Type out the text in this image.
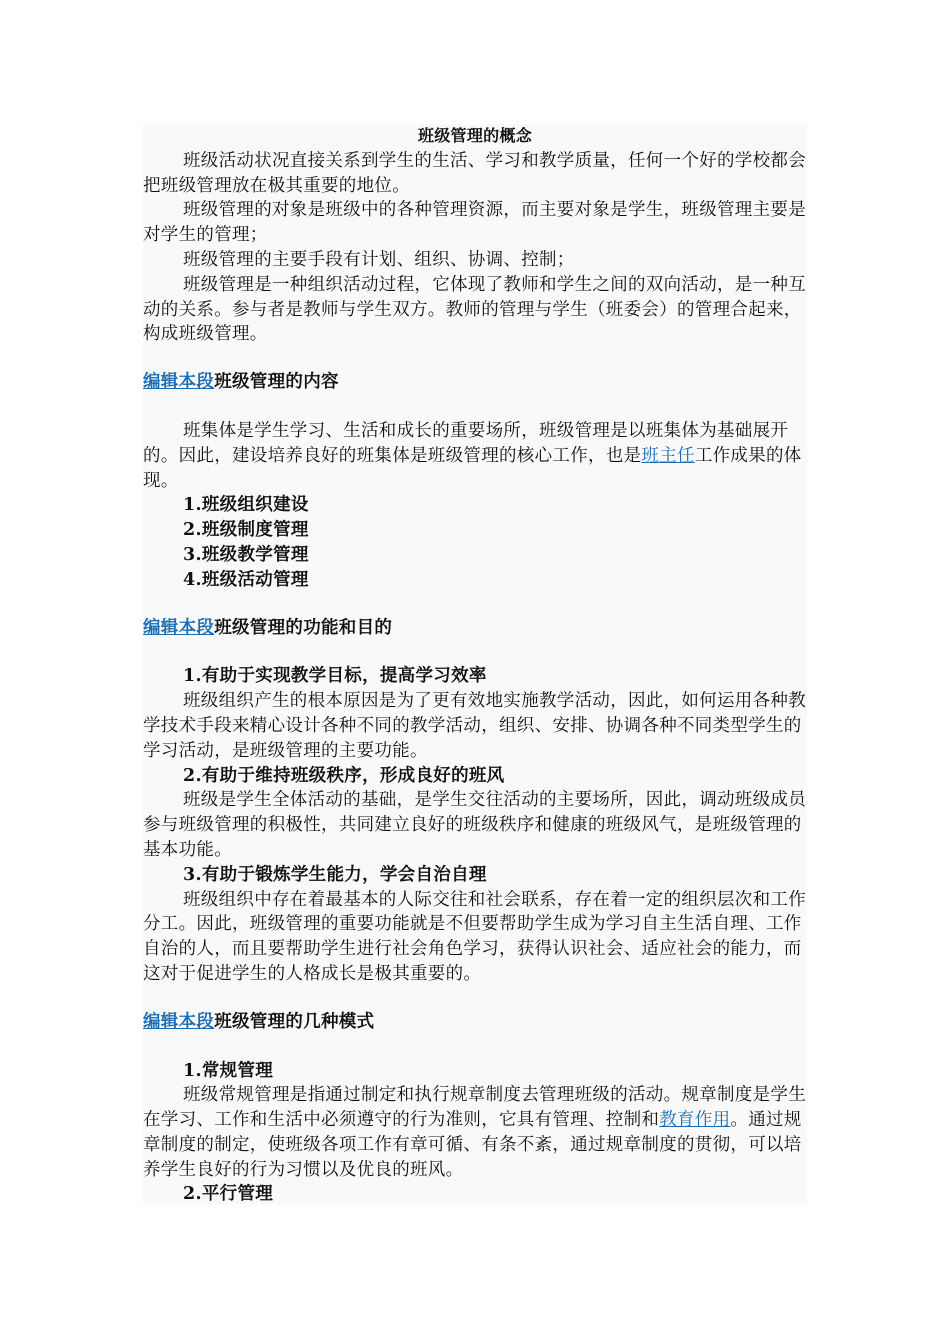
班级管理的概念

班级活动状况直接关系到学生的生活、学习和教学质量，任何一个好的学校都会把班级管理放在极其重要的地位。

班级管理的对象是班级中的各种管理资源，而主要对象是学生，班级管理主要是对学生的管理；

班级管理的主要手段有计划、组织、协调、控制；

班级管理是一种组织活动过程，它体现了教师和学生之间的双向活动，是一种互动的关系。参与者是教师与学生双方。教师的管理与学生（班委会）的管理合起来，构成班级管理。

编辑本段班级管理的内容

班集体是学生学习、生活和成长的重要场所，班级管理是以班集体为基础展开的。因此，建设培养良好的班集体是班级管理的核心工作，也是班主任工作成果的体现。

1.班级组织建设

2.班级制度管理

3.班级教学管理

4.班级活动管理

编辑本段班级管理的功能和目的

1.有助于实现教学目标，提高学习效率

班级组织产生的根本原因是为了更有效地实施教学活动，因此，如何运用各种教学技术手段来精心设计各种不同的教学活动，组织、安排、协调各种不同类型学生的学习活动，是班级管理的主要功能。

2.有助于维持班级秩序，形成良好的班风

班级是学生全体活动的基础，是学生交往活动的主要场所，因此，调动班级成员参与班级管理的积极性，共同建立良好的班级秩序和健康的班级风气，是班级管理的基本功能。

3.有助于锻炼学生能力，学会自治自理

班级组织中存在着最基本的人际交往和社会联系，存在着一定的组织层次和工作分工。因此，班级管理的重要功能就是不但要帮助学生成为学习自主生活自理、工作自治的人，而且要帮助学生进行社会角色学习，获得认识社会、适应社会的能力，而这对于促进学生的人格成长是极其重要的。

编辑本段班级管理的几种模式

1.常规管理

班级常规管理是指通过制定和执行规章制度去管理班级的活动。规章制度是学生在学习、工作和生活中必须遵守的行为准则，它具有管理、控制和教育作用。通过规章制度的制定，使班级各项工作有章可循、有条不紊，通过规章制度的贯彻，可以培养学生良好的行为习惯以及优良的班风。

2.平行管理
